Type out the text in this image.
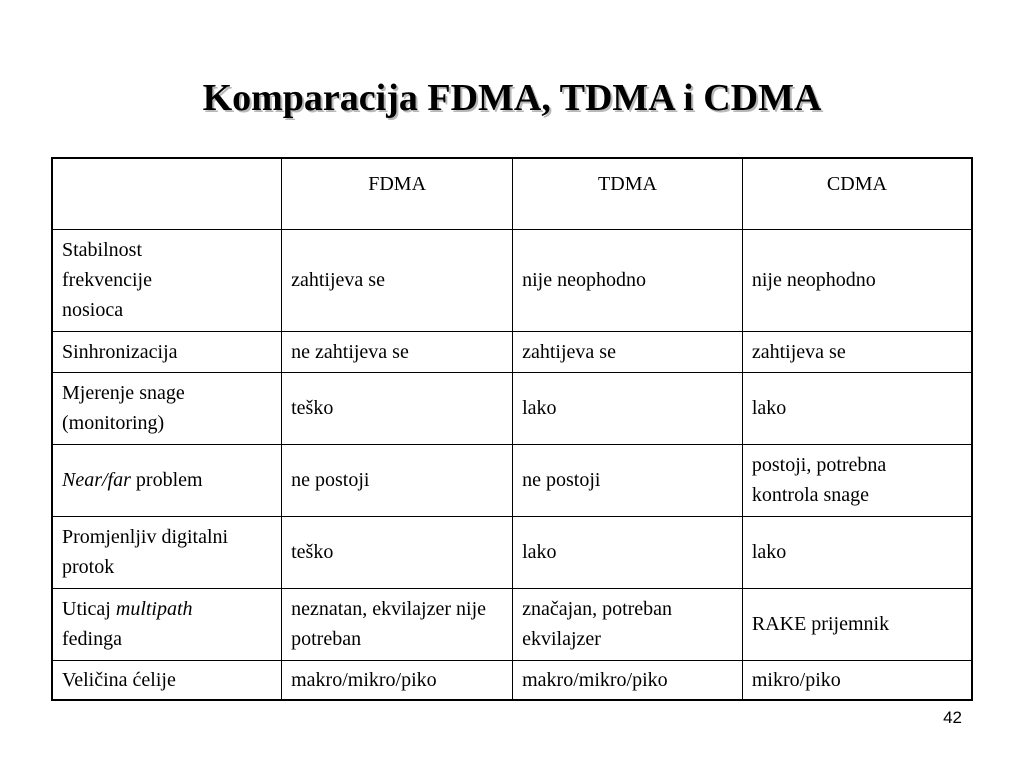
Komparacija FDMA, TDMA i CDMA
	FDMA	TDMA	CDMA
Stabilnost frekvencije nosioca	zahtijeva se	nije neophodno	nije neophodno
Sinhronizacija	ne zahtijeva se	zahtijeva se	zahtijeva se
Mjerenje snage (monitoring)	teško	lako	lako
Near/far problem	ne postoji	ne postoji	postoji, potrebna kontrola snage
Promjenljiv digitalni protok	teško	lako	lako
Uticaj multipath fedinga	neznatan, ekvilajzer nije potreban	značajan, potreban ekvilajzer	RAKE prijemnik
Veličina ćelije	makro/mikro/piko	makro/mikro/piko	mikro/piko
42
